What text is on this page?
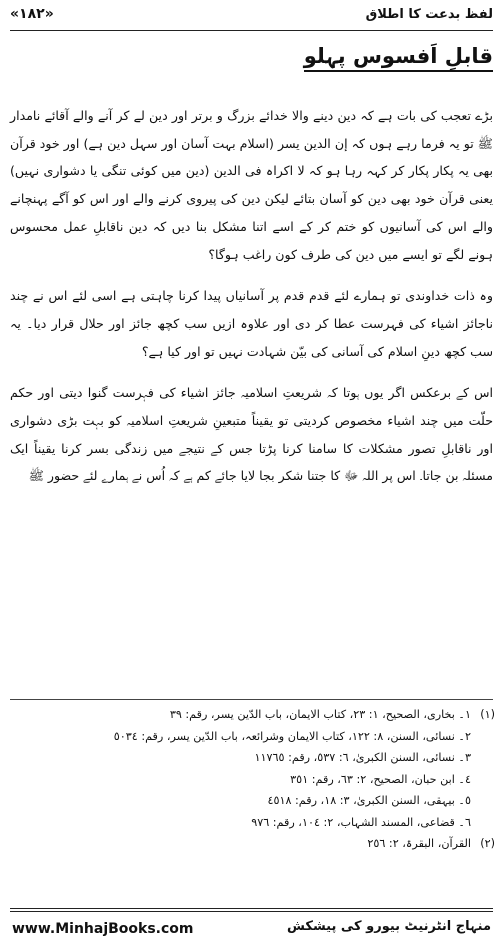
لفظ بدعت کا اطلاق
«١٨٢»
قابلِ اَفسوس پہلو

بڑے تعجب کی بات ہے کہ دین دینے والا خدائے بزرگ و برتر اور دین لے کر آنے والے آقائے نامدار ﷺ تو یہ فرما رہے ہوں کہ إن الدین یسر (اسلام بہت آسان اور سہل دین ہے) اور خود قرآن بھی یہ پکار پکار کر کہہ رہا ہو کہ لا اکراہ فی الدین (دین میں کوئی تنگی یا دشواری نہیں) یعنی قرآن خود بھی دین کو آسان بتائے لیکن دین کی پیروی کرنے والے اور اس کو آگے پہنچانے والے اس کی آسانیوں کو ختم کر کے اسے اتنا مشکل بنا دیں کہ دین ناقابلِ عمل محسوس ہونے لگے تو ایسے میں دین کی طرف کون راغب ہوگا؟

وہ ذات خداوندی تو ہمارے لئے قدم قدم پر آسانیاں پیدا کرنا چاہتی ہے اسی لئے اس نے چند ناجائز اشیاء کی فہرست عطا کر دی اور علاوہ ازیں سب کچھ جائز اور حلال قرار دیا۔ یہ سب کچھ دینِ اسلام کی آسانی کی بیّن شہادت نہیں تو اور کیا ہے؟

اس کے برعکس اگر یوں ہوتا کہ شریعتِ اسلامیہ جائز اشیاء کی فہرست گنوا دیتی اور حکم حلّت میں چند اشیاء مخصوص کردیتی تو یقیناً متبعینِ شریعتِ اسلامیہ کو بہت بڑی دشواری اور ناقابلِ تصور مشکلات کا سامنا کرنا پڑتا جس کے نتیجے میں زندگی بسر کرنا یقیناً ایک مسئلہ بن جاتا۔ اس پر اللہ ﷻ کا جتنا شکر بجا لایا جائے کم ہے کہ اُس نے ہمارے لئے حضور ﷺ

(١)
١۔ بخاری، الصحیح، ١: ٢٣، کتاب الایمان، باب الدّین یسر، رقم: ٣٩
٢۔ نسائی، السنن، ٨: ١٢٢، کتاب الایمان وشرائعہ، باب الدّین یسر، رقم: ٥٠٣٤
٣۔ نسائی، السنن الکبریٰ، ٦: ٥٣٧، رقم: ١١٧٦٥
٤۔ ابن حبان، الصحیح، ٢: ٦٣، رقم: ٣٥١
٥۔ بیہقی، السنن الکبریٰ، ٣: ١٨، رقم: ٤٥١٨
٦۔ قضاعی، المسند الشہاب، ٢: ١٠٤، رقم: ٩٧٦
(٢)
القرآن، البقرۃ، ٢: ٢٥٦
www.MinhajBooks.com	منہاج انٹرنیٹ بیورو کی پیشکش
